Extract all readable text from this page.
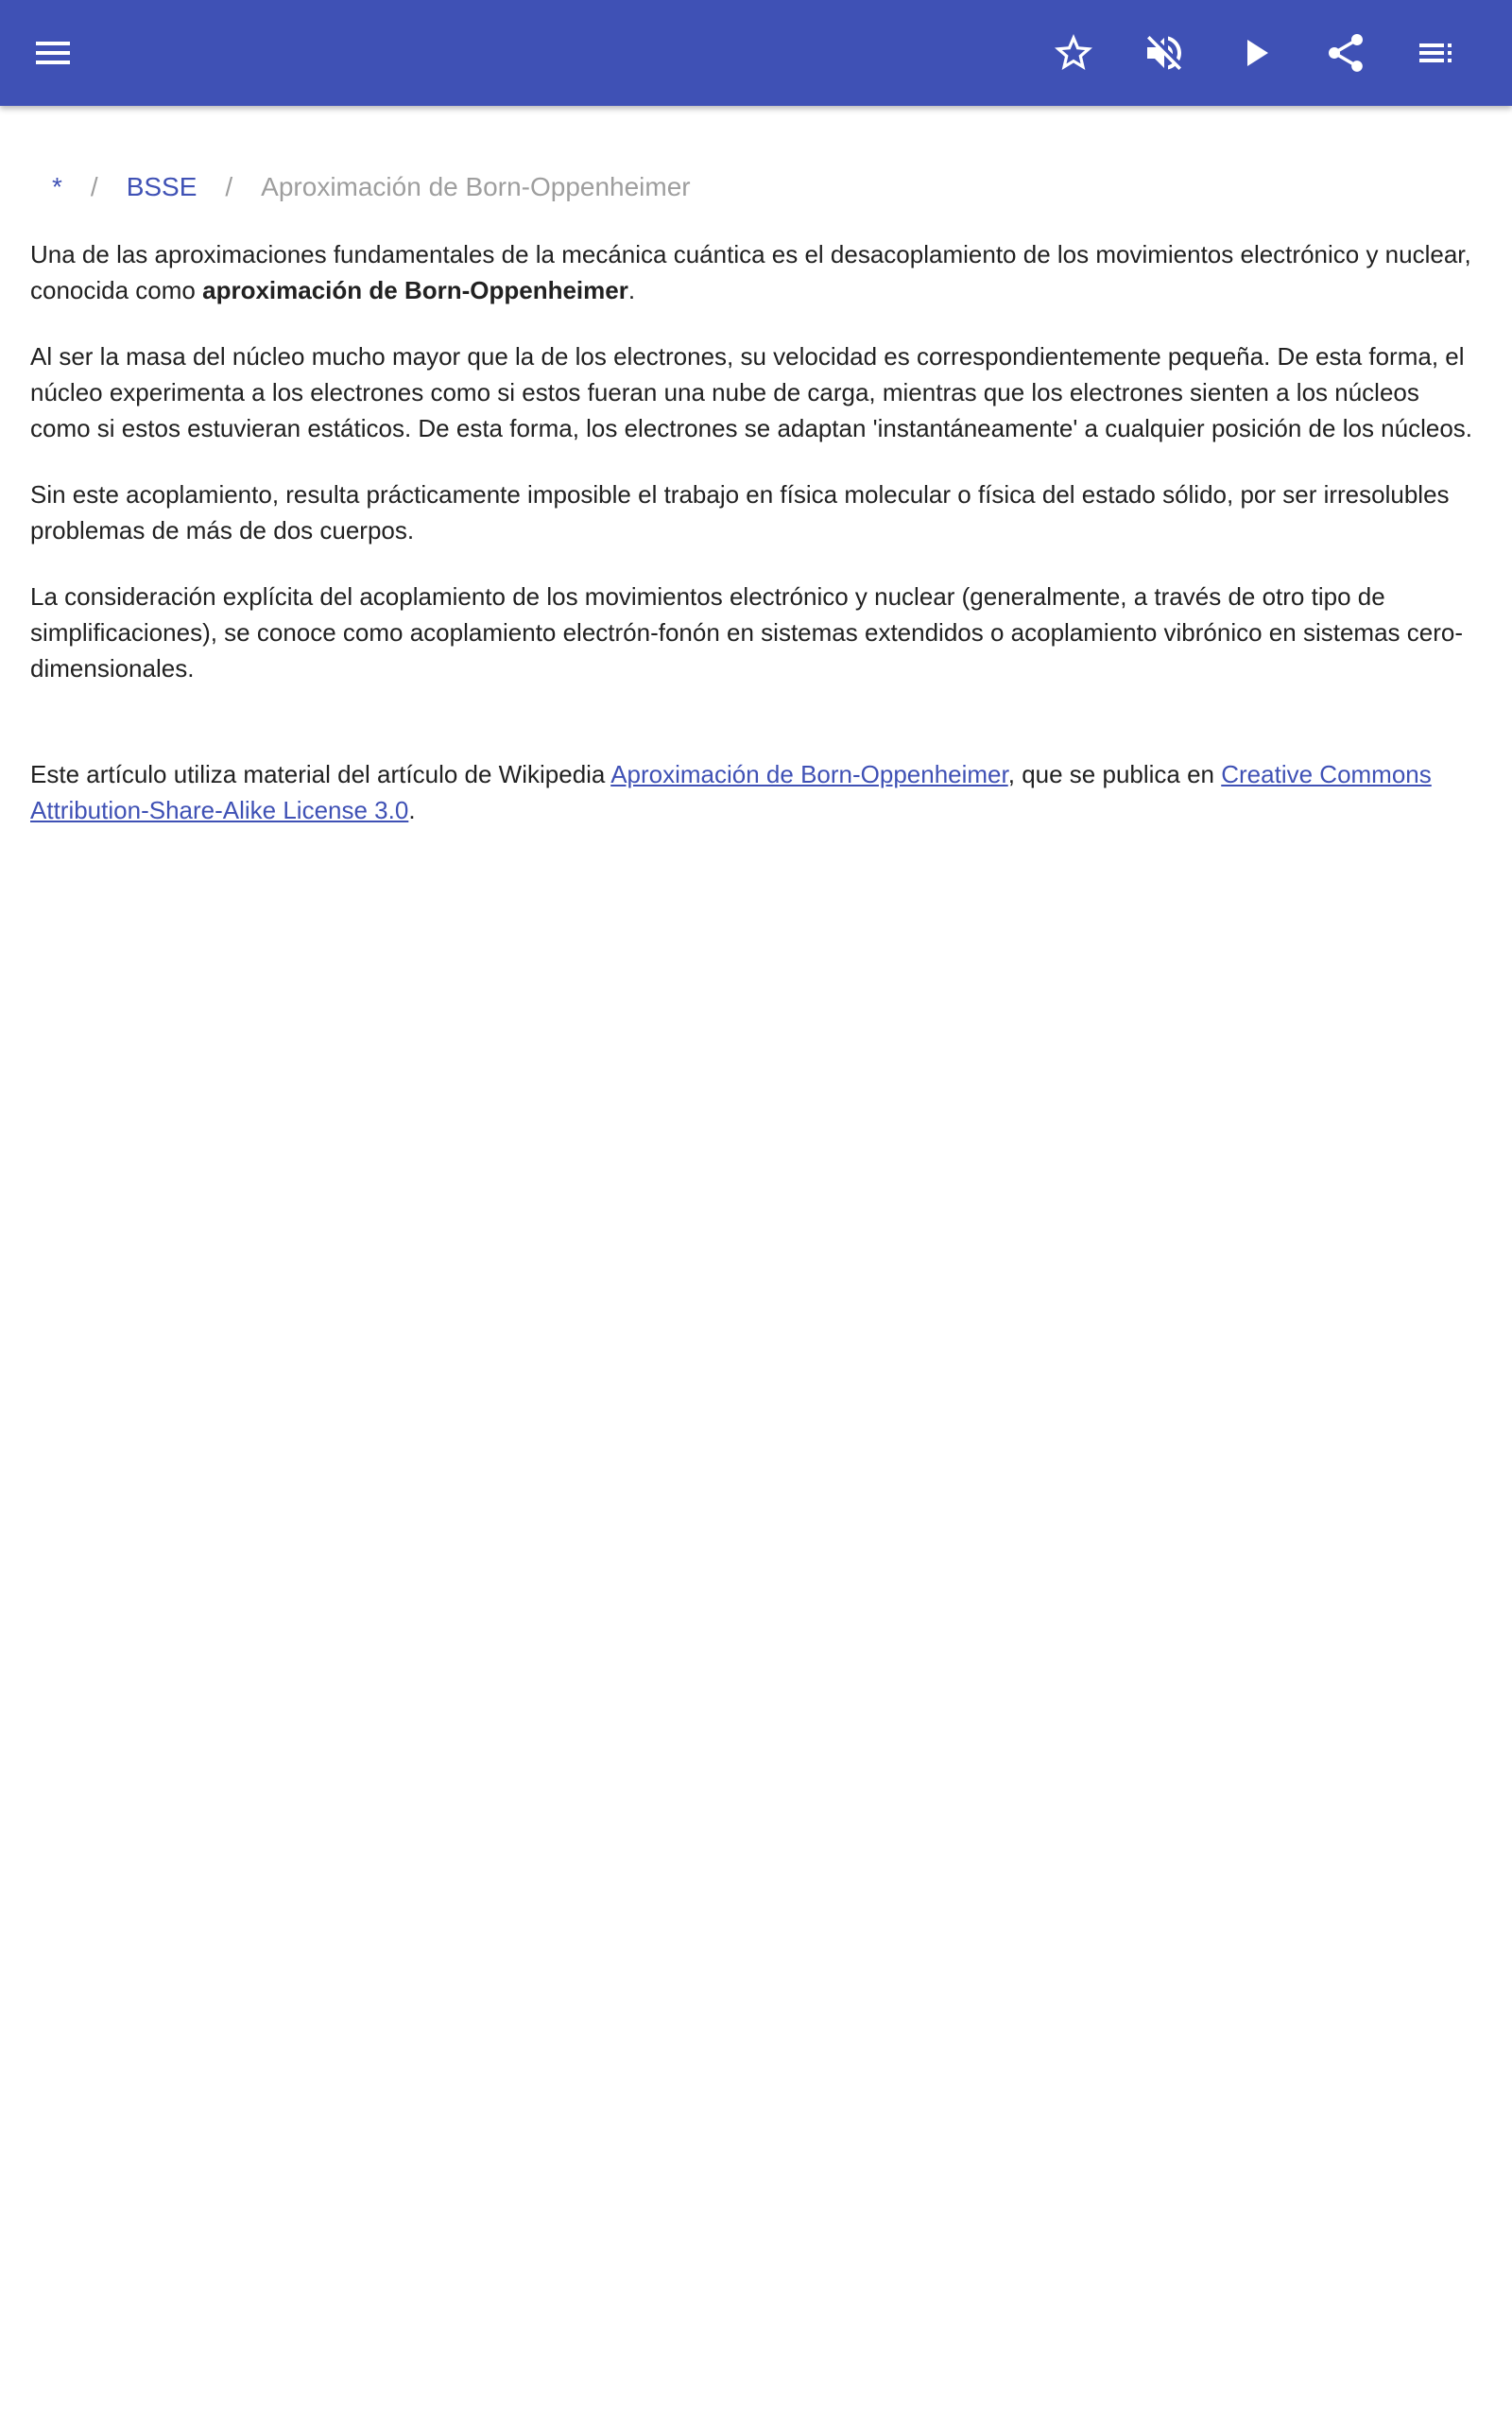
* / BSSE / Aproximación de Born-Oppenheimer

Una de las aproximaciones fundamentales de la mecánica cuántica es el desacoplamiento de los movimientos electrónico y nuclear, conocida como aproximación de Born-Oppenheimer.

Al ser la masa del núcleo mucho mayor que la de los electrones, su velocidad es correspondientemente pequeña. De esta forma, el núcleo experimenta a los electrones como si estos fueran una nube de carga, mientras que los electrones sienten a los núcleos como si estos estuvieran estáticos. De esta forma, los electrones se adaptan 'instantáneamente' a cualquier posición de los núcleos.

Sin este acoplamiento, resulta prácticamente imposible el trabajo en física molecular o física del estado sólido, por ser irresolubles problemas de más de dos cuerpos.

La consideración explícita del acoplamiento de los movimientos electrónico y nuclear (generalmente, a través de otro tipo de simplificaciones), se conoce como acoplamiento electrón-fonón en sistemas extendidos o acoplamiento vibrónico en sistemas cero-dimensionales.

Este artículo utiliza material del artículo de Wikipedia Aproximación de Born-Oppenheimer, que se publica en Creative Commons Attribution-Share-Alike License 3.0.
